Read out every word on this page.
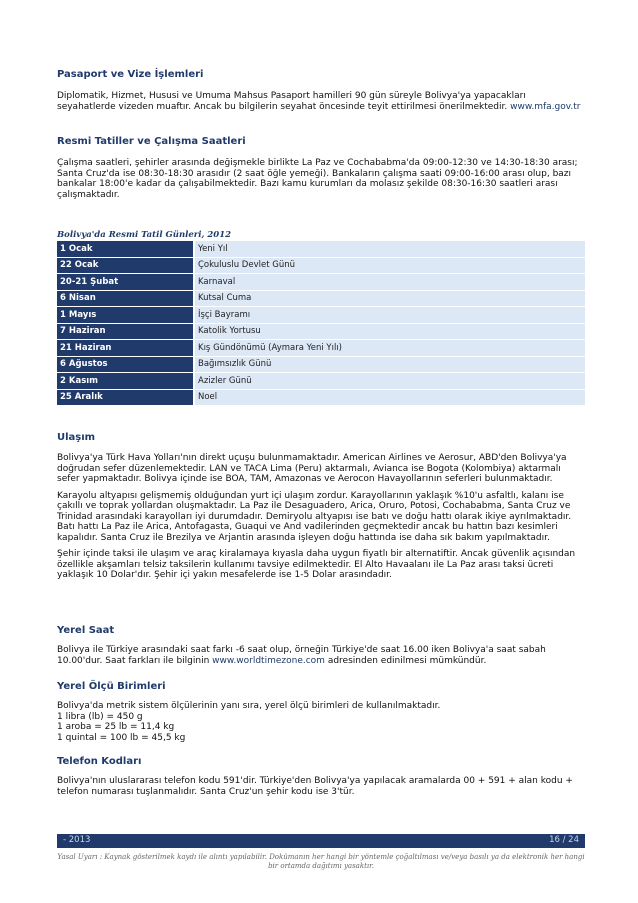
Pasaport ve Vize İşlemleri
Diplomatik, Hizmet, Hususi ve Umuma Mahsus Pasaport hamilleri 90 gün süreyle Bolivya'ya yapacakları seyahatlerde vizeden muaftır. Ancak bu bilgilerin seyahat öncesinde teyit ettirilmesi önerilmektedir. www.mfa.gov.tr
Resmi Tatiller ve Çalışma Saatleri
Çalışma saatleri, şehirler arasında değişmekle birlikte La Paz ve Cochababma'da 09:00-12:30 ve 14:30-18:30 arası; Santa Cruz'da ise 08:30-18:30 arasıdır (2 saat öğle yemeği). Bankaların çalışma saati 09:00-16:00 arası olup, bazı bankalar 18:00'e kadar da çalışabilmektedir. Bazı kamu kurumları da molasız şekilde 08:30-16:30 saatleri arası çalışmaktadır.
Bolivya'da Resmi Tatil Günleri, 2012
1 Ocak	Yeni Yıl
22 Ocak	Çokuluslu Devlet Günü
20-21 Şubat	Karnaval
6 Nisan	Kutsal Cuma
1 Mayıs	İşçi Bayramı
7 Haziran	Katolik Yortusu
21 Haziran	Kış Gündönümü (Aymara Yeni Yılı)
6 Ağustos	Bağımsızlık Günü
2 Kasım	Azizler Günü
25 Aralık	Noel
Ulaşım
Bolivya'ya Türk Hava Yolları'nın direkt uçuşu bulunmamaktadır. American Airlines ve Aerosur, ABD'den Bolivya'ya doğrudan sefer düzenlemektedir. LAN ve TACA Lima (Peru) aktarmalı, Avianca ise Bogota (Kolombiya) aktarmalı sefer yapmaktadır. Bolivya içinde ise BOA, TAM, Amazonas ve Aerocon Havayollarının seferleri bulunmaktadır.
Karayolu altyapısı gelişmemiş olduğundan yurt içi ulaşım zordur. Karayollarının yaklaşık %10'u asfaltlı, kalanı ise çakıllı ve toprak yollardan oluşmaktadır. La Paz ile Desaguadero, Arica, Oruro, Potosi, Cochababma, Santa Cruz ve Trinidad arasındaki karayolları iyi durumdadır. Demiryolu altyapısı ise batı ve doğu hattı olarak ikiye ayrılmaktadır. Batı hattı La Paz ile Arica, Antofagasta, Guaqui ve And vadilerinden geçmektedir ancak bu hattın bazı kesimleri kapalıdır. Santa Cruz ile Brezilya ve Arjantin arasında işleyen doğu hattında ise daha sık bakım yapılmaktadır.
Şehir içinde taksi ile ulaşım ve araç kiralamaya kıyasla daha uygun fiyatlı bir alternatiftir. Ancak güvenlik açısından özellikle akşamları telsiz taksilerin kullanımı tavsiye edilmektedir. El Alto Havaalanı ile La Paz arası taksi ücreti yaklaşık 10 Dolar'dır. Şehir içi yakın mesafelerde ise 1-5 Dolar arasındadır.
Yerel Saat
Bolivya ile Türkiye arasındaki saat farkı -6 saat olup, örneğin Türkiye'de saat 16.00 iken Bolivya'a saat sabah 10.00'dur. Saat farkları ile bilginin www.worldtimezone.com adresinden edinilmesi mümkündür.
Yerel Ölçü Birimleri
Bolivya'da metrik sistem ölçülerinin yanı sıra, yerel ölçü birimleri de kullanılmaktadır.
1 libra (lb) = 450 g
1 aroba = 25 lb = 11,4 kg
1 quintal = 100 lb = 45,5 kg
Telefon Kodları
Bolivya'nın uluslararası telefon kodu 591'dir. Türkiye'den Bolivya'ya yapılacak aramalarda 00 + 591 + alan kodu + telefon numarası tuşlanmalıdır. Santa Cruz'un şehir kodu ise 3'tür.
- 2013	16 / 24
Yasal Uyarı : Kaynak gösterilmek kaydı ile alıntı yapılabilir. Dokümanın her hangi bir yöntemle çoğaltılması ve/veya basılı ya da elektronik her hangi bir ortamda dağıtımı yasaktır.
